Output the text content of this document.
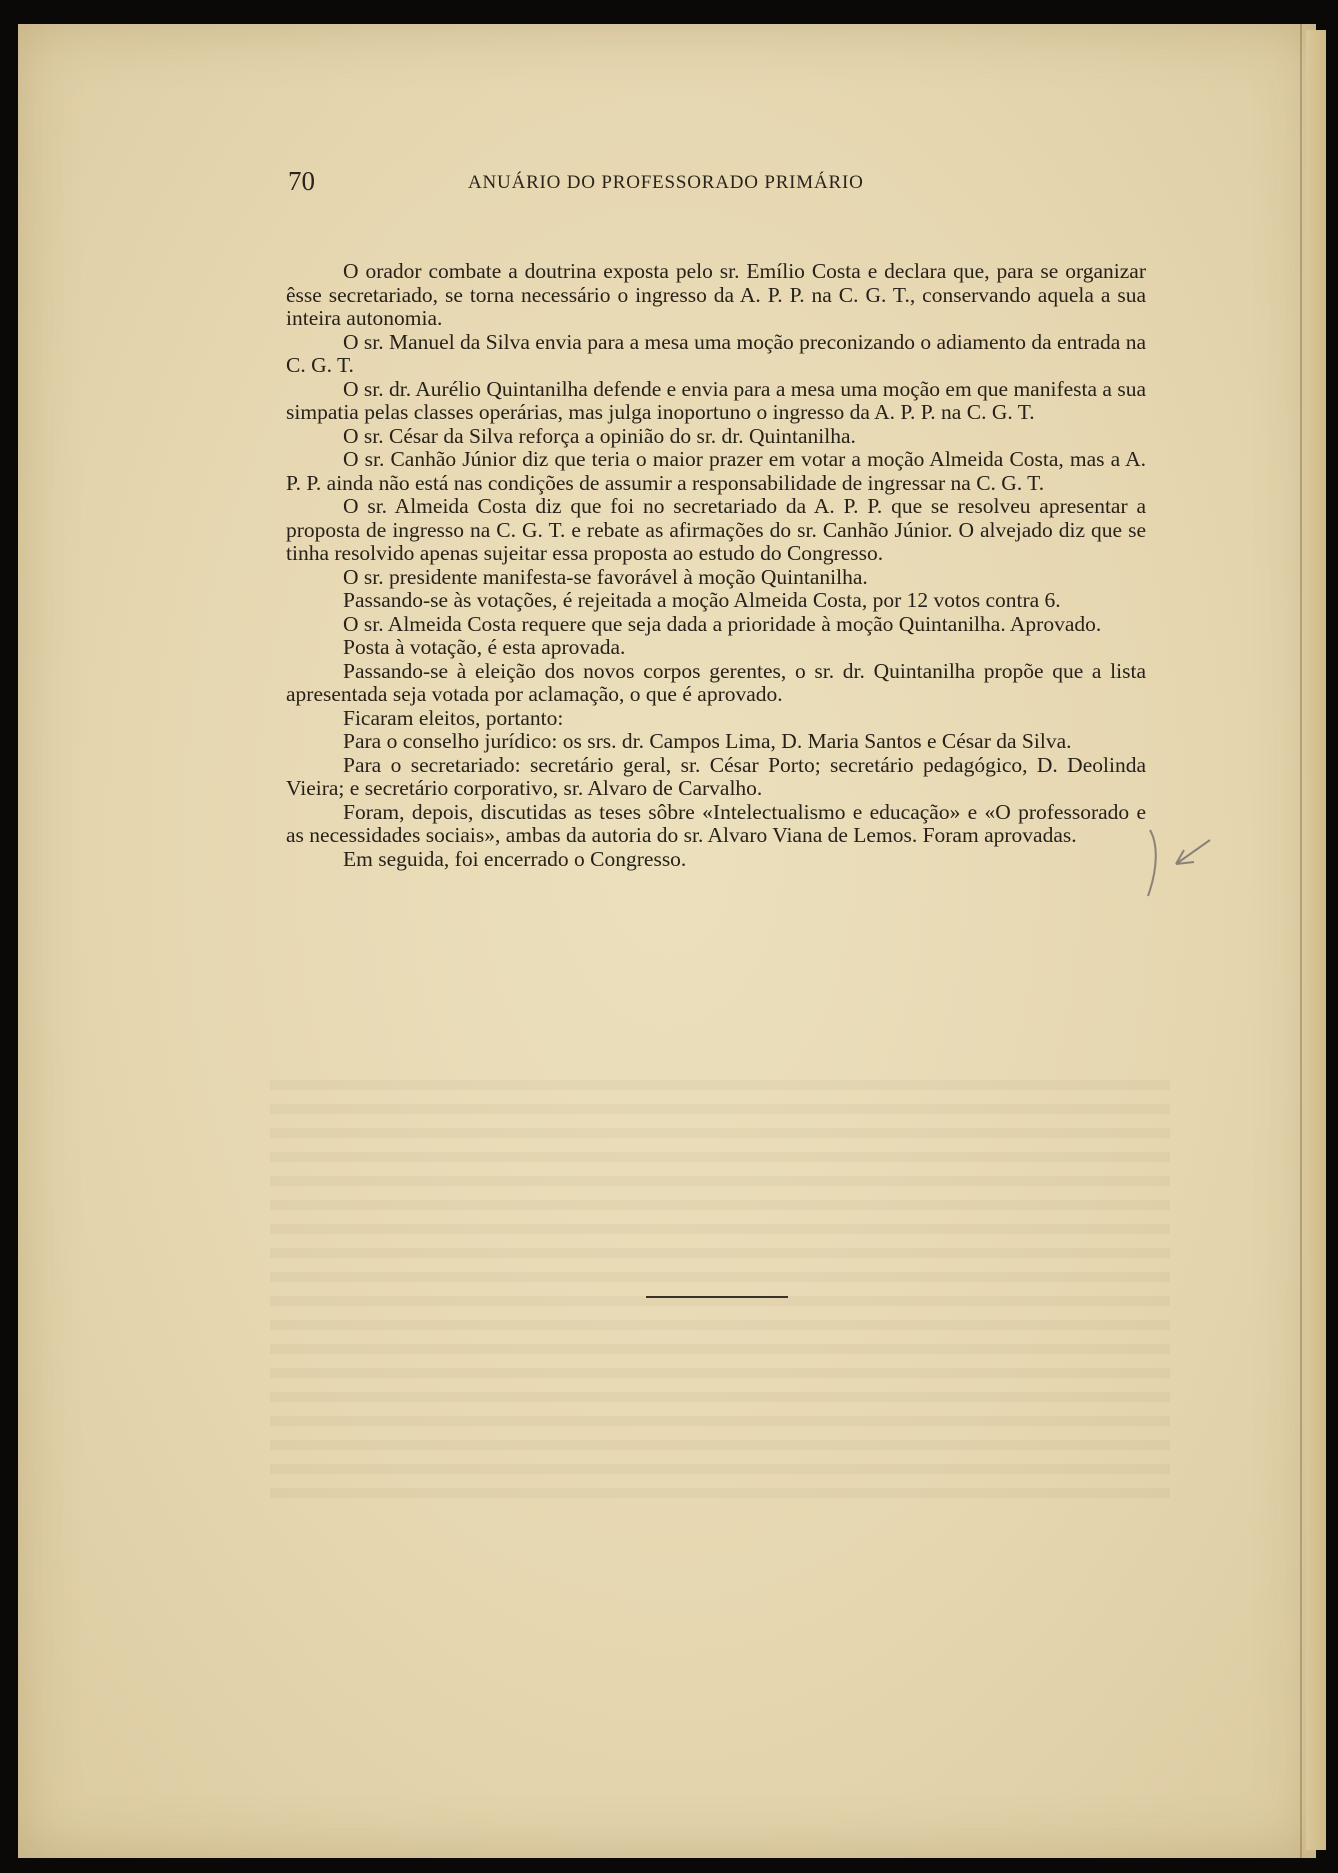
70	ANUÁRIO DO PROFESSORADO PRIMÁRIO

O orador combate a doutrina exposta pelo sr. Emílio Costa e declara que, para se organizar êsse secretariado, se torna necessário o ingresso da A. P. P. na C. G. T., conservando aquela a sua inteira autonomia.

O sr. Manuel da Silva envia para a mesa uma moção preconizando o adiamento da entrada na C. G. T.

O sr. dr. Aurélio Quintanilha defende e envia para a mesa uma moção em que manifesta a sua simpatia pelas classes operárias, mas julga inoportuno o ingresso da A. P. P. na C. G. T.

O sr. César da Silva reforça a opinião do sr. dr. Quintanilha.

O sr. Canhão Júnior diz que teria o maior prazer em votar a moção Almeida Costa, mas a A. P. P. ainda não está nas condições de assumir a responsabilidade de ingressar na C. G. T.

O sr. Almeida Costa diz que foi no secretariado da A. P. P. que se resolveu apresentar a proposta de ingresso na C. G. T. e rebate as afirmações do sr. Canhão Júnior. O alvejado diz que se tinha resolvido apenas sujeitar essa proposta ao estudo do Congresso.

O sr. presidente manifesta-se favorável à moção Quintanilha.

Passando-se às votações, é rejeitada a moção Almeida Costa, por 12 votos contra 6.

O sr. Almeida Costa requere que seja dada a prioridade à moção Quintanilha. Aprovado.

Posta à votação, é esta aprovada.

Passando-se à eleição dos novos corpos gerentes, o sr. dr. Quintanilha propõe que a lista apresentada seja votada por aclamação, o que é aprovado.

Ficaram eleitos, portanto:

Para o conselho jurídico: os srs. dr. Campos Lima, D. Maria Santos e César da Silva.

Para o secretariado: secretário geral, sr. César Porto; secretário pedagógico, D. Deolinda Vieira; e secretário corporativo, sr. Alvaro de Carvalho.

Foram, depois, discutidas as teses sôbre «Intelectualismo e educação» e «O professorado e as necessidades sociais», ambas da autoria do sr. Alvaro Viana de Lemos. Foram aprovadas.

Em seguida, foi encerrado o Congresso.
